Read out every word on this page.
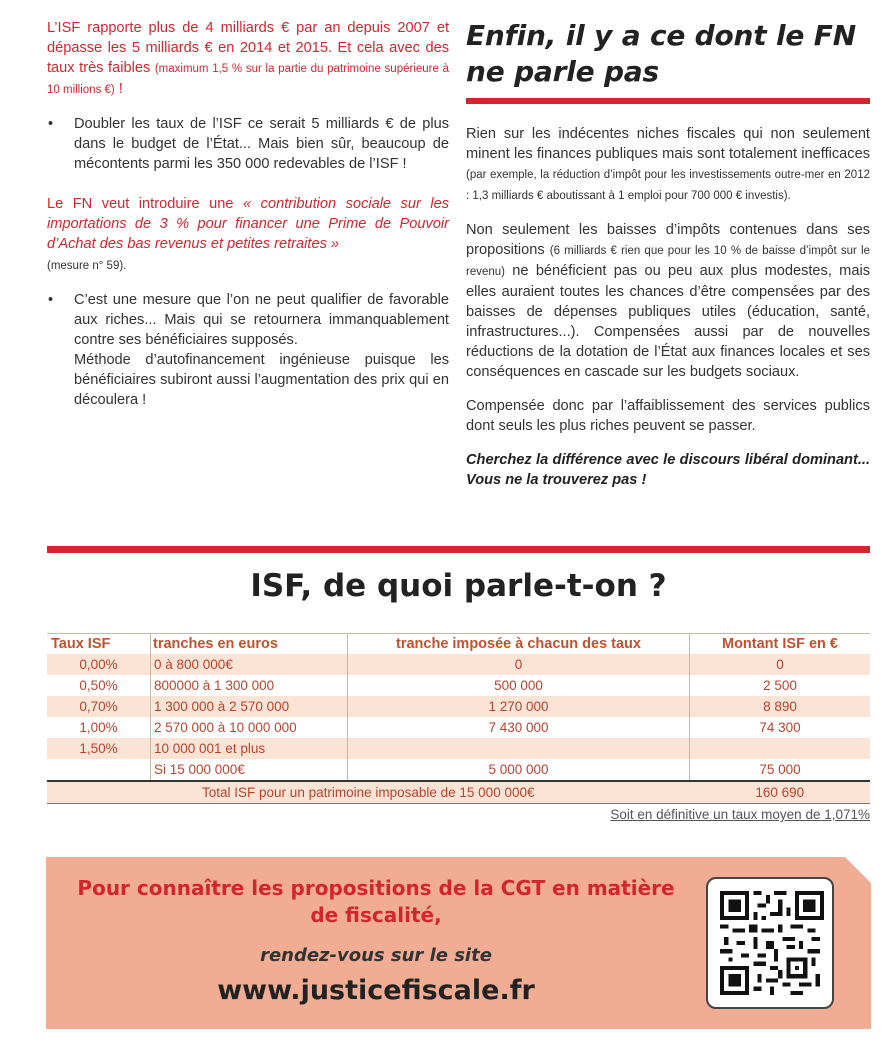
L’ISF rapporte plus de 4 milliards € par an depuis 2007 et dépasse les 5 milliards € en 2014 et 2015. Et cela avec des taux très faibles (maximum 1,5 % sur la partie du patrimoine supérieure à 10 millions €) !

• Doubler les taux de l’ISF ce serait 5 milliards € de plus dans le budget de l’État... Mais bien sûr, beaucoup de mécontents parmi les 350 000 redevables de l’ISF !

Le FN veut introduire une « contribution sociale sur les importations de 3 % pour financer une Prime de Pouvoir d’Achat des bas revenus et petites retraites »

(mesure n° 59).

• C’est une mesure que l’on ne peut qualifier de favorable aux riches... Mais qui se retournera immanquablement contre ses bénéficiaires supposés.
Méthode d’autofinancement ingénieuse puisque les bénéficiaires subiront aussi l’augmentation des prix qui en découlera !
Enfin, il y a ce dont le FN ne parle pas

Rien sur les indécentes niches fiscales qui non seulement minent les finances publiques mais sont totalement inefficaces (par exemple, la réduction d’impôt pour les investissements outre-mer en 2012 : 1,3 milliards € aboutissant à 1 emploi pour 700 000 € investis).

Non seulement les baisses d’impôts contenues dans ses propositions (6 milliards € rien que pour les 10 % de baisse d’impôt sur le revenu) ne bénéficient pas ou peu aux plus modestes, mais elles auraient toutes les chances d’être compensées par des baisses de dépenses publiques utiles (éducation, santé, infrastructures...). Compensées aussi par de nouvelles réductions de la dotation de l’État aux finances locales et ses conséquences en cascade sur les budgets sociaux.

Compensée donc par l’affaiblissement des services publics dont seuls les plus riches peuvent se passer.

Cherchez la différence avec le discours libéral dominant... Vous ne la trouverez pas !

ISF, de quoi parle-t-on ?
Taux ISF	tranches en euros	tranche imposée à chacun des taux	Montant ISF en €
0,00%	0 à 800 000€	0	0
0,50%	800000 à 1 300 000	500 000	2 500
0,70%	1 300 000 à 2 570 000	1 270 000	8 890
1,00%	2 570 000 à 10 000 000	7 430 000	74 300
1,50%	10 000 001 et plus		
	Si 15 000 000€	5 000 000	75 000
Total ISF pour un patrimoine imposable de 15 000 000€			160 690
Soit en définitive un taux moyen de 1,071%
Pour connaître les propositions de la CGT en matière de fiscalité,
rendez-vous sur le site
www.justicefiscale.fr
